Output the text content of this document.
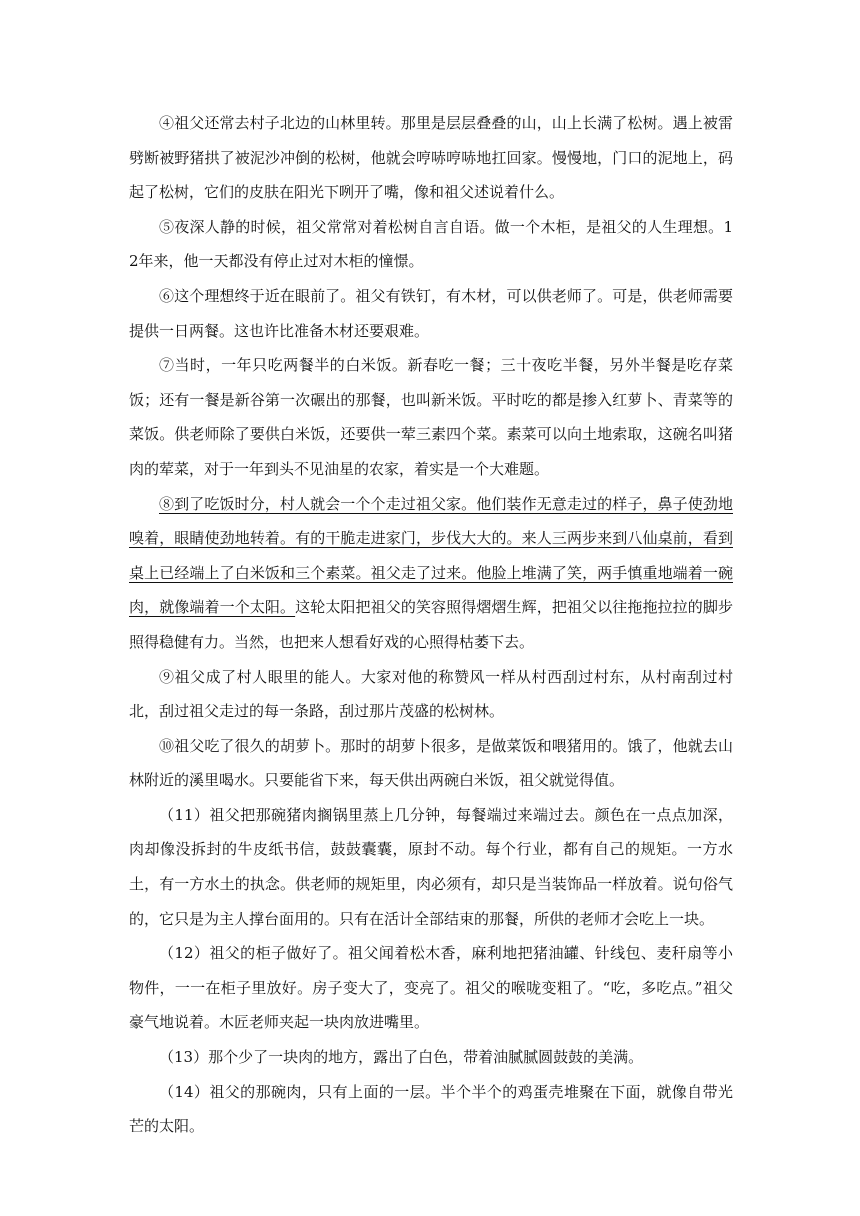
④祖父还常去村子北边的山林里转。那里是层层叠叠的山，山上长满了松树。遇上被雷劈断被野猪拱了被泥沙冲倒的松树，他就会哼哧哼哧地扛回家。慢慢地，门口的泥地上，码起了松树，它们的皮肤在阳光下咧开了嘴，像和祖父述说着什么。

⑤夜深人静的时候，祖父常常对着松树自言自语。做一个木柜，是祖父的人生理想。12年来，他一天都没有停止过对木柜的憧憬。

⑥这个理想终于近在眼前了。祖父有铁钉，有木材，可以供老师了。可是，供老师需要提供一日两餐。这也许比准备木材还要艰难。

⑦当时，一年只吃两餐半的白米饭。新春吃一餐；三十夜吃半餐，另外半餐是吃存菜饭；还有一餐是新谷第一次碾出的那餐，也叫新米饭。平时吃的都是掺入红萝卜、青菜等的菜饭。供老师除了要供白米饭，还要供一荤三素四个菜。素菜可以向土地索取，这碗名叫猪肉的荤菜，对于一年到头不见油星的农家，着实是一个大难题。

⑧到了吃饭时分，村人就会一个个走过祖父家。他们装作无意走过的样子，鼻子使劲地嗅着，眼睛使劲地转着。有的干脆走进家门，步伐大大的。来人三两步来到八仙桌前，看到桌上已经端上了白米饭和三个素菜。祖父走了过来。他脸上堆满了笑，两手慎重地端着一碗肉，就像端着一个太阳。这轮太阳把祖父的笑容照得熠熠生辉，把祖父以往拖拖拉拉的脚步照得稳健有力。当然，也把来人想看好戏的心照得枯萎下去。

⑨祖父成了村人眼里的能人。大家对他的称赞风一样从村西刮过村东，从村南刮过村北，刮过祖父走过的每一条路，刮过那片茂盛的松树林。

⑩祖父吃了很久的胡萝卜。那时的胡萝卜很多，是做菜饭和喂猪用的。饿了，他就去山林附近的溪里喝水。只要能省下来，每天供出两碗白米饭，祖父就觉得值。

（11）祖父把那碗猪肉搁锅里蒸上几分钟，每餐端过来端过去。颜色在一点点加深，肉却像没拆封的牛皮纸书信，鼓鼓囊囊，原封不动。每个行业，都有自己的规矩。一方水土，有一方水土的执念。供老师的规矩里，肉必须有，却只是当装饰品一样放着。说句俗气的，它只是为主人撑台面用的。只有在活计全部结束的那餐，所供的老师才会吃上一块。

（12）祖父的柜子做好了。祖父闻着松木香，麻利地把猪油罐、针线包、麦秆扇等小物件，一一在柜子里放好。房子变大了，变亮了。祖父的喉咙变粗了。“吃，多吃点。”祖父豪气地说着。木匠老师夹起一块肉放进嘴里。

（13）那个少了一块肉的地方，露出了白色，带着油腻腻圆鼓鼓的美满。

（14）祖父的那碗肉，只有上面的一层。半个半个的鸡蛋壳堆聚在下面，就像自带光芒的太阳。
